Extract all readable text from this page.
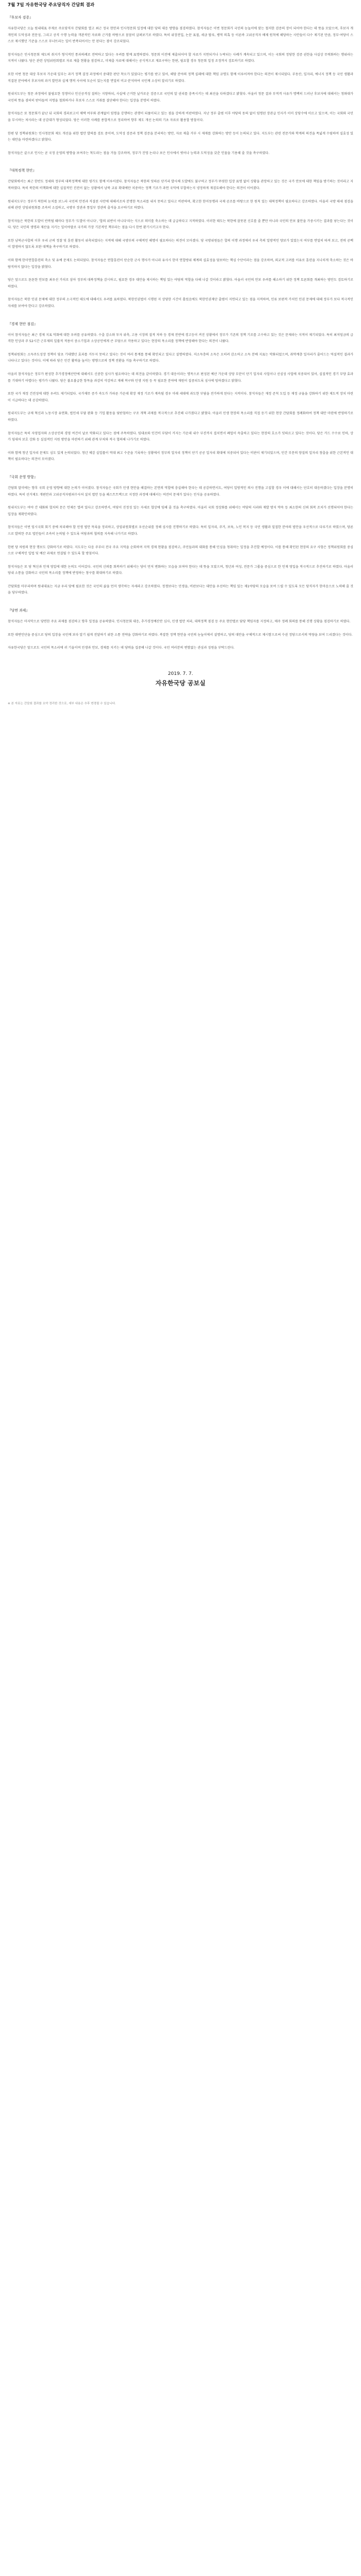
7월 7일 자유한국당 주요당직자 간담회 결과
『후보자 검증』

자유한국당은 오늘 원내대표 주재로 주요당직자 간담회를 열고 최근 정국 현안과 인사청문회 일정에 대한 당의 대응 방향을 점검하였다. 참석자들은 이번 청문회가 국민의 눈높이에 맞는 철저한 검증의 장이 되어야 한다는 데 뜻을 모았으며, 후보자 개개인의 도덕성과 전문성, 그리고 공직 수행 능력을 객관적인 자료와 근거를 바탕으로 꼼꼼히 살펴보기로 하였다. 특히 위장전입, 논문 표절, 세금 탈루, 병역 의혹 등 이른바 고위공직자 배제 원칙에 해당하는 사안들이 다수 제기된 만큼, 정부·여당이 스스로 제시했던 기준을 스스로 무너뜨리는 일이 반복되어서는 안 된다는 점이 강조되었다.

참석자들은 인사청문회 제도의 취지가 형식적인 통과의례로 전락하고 있다는 우려를 함께 표명하였다. 청문회 이전에 제출되어야 할 자료가 지연되거나 누락되는 사례가 계속되고 있으며, 이는 국회의 정당한 검증 권한을 사실상 무력화하는 행위라는 지적이 나왔다. 당은 관련 상임위원회별로 자료 제출 현황을 점검하고, 미제출 자료에 대해서는 공식적으로 재요구하는 한편, 필요할 경우 청문회 일정 조정까지 검토하기로 하였다.

또한 이번 청문 대상 후보자 가운데 일부는 과거 정책 결정 과정에서 중대한 판단 착오가 있었다는 평가를 받고 있어, 해당 분야의 정책 실패에 대한 책임 규명도 함께 이루어져야 한다는 의견이 제시되었다. 부동산, 일자리, 에너지 정책 등 국민 생활과 직결된 분야에서 후보자의 과거 발언과 실제 행적 사이에 모순이 있는지를 면밀히 비교·분석하여 국민께 소상히 알리기로 하였다.

원내지도부는 청문 과정에서 불필요한 정쟁이나 인신공격성 질의는 지양하되, 사실에 근거한 날카로운 검증으로 국민의 알 권리를 충족시키는 데 최선을 다하겠다고 밝혔다. 아울러 청문 결과 부적격 사유가 명백히 드러난 후보자에 대해서는 청와대가 국민의 뜻을 겸허히 받아들여 지명을 철회하거나 후보자 스스로 거취를 결단해야 한다는 입장을 분명히 하였다.

참석자들은 또 청문회가 끝난 뒤 국회의 경과보고서 채택 여부와 관계없이 임명을 강행하는 관행이 되풀이되고 있는 점을 강하게 비판하였다. 지난 정부 출범 이후 야당의 동의 없이 임명된 장관급 인사가 이미 상당수에 이르고 있으며, 이는 국회와 국민을 무시하는 처사라는 데 공감대가 형성되었다. 당은 이러한 사례를 종합적으로 정리하여 향후 제도 개선 논의의 기초 자료로 활용할 방침이다.

한편 당 정책위원회는 인사청문회 제도 개선을 위한 법안 발의를 검토 중이며, 도덕성 검증과 정책 검증을 분리하는 방안, 자료 제출 거부 시 제재를 강화하는 방안 등이 논의되고 있다. 지도부는 관련 전문가와 학계의 의견을 폭넓게 수렴하여 실효성 있는 대안을 마련하겠다고 밝혔다.

참석자들은 끝으로 인사는 곧 국정 운영의 방향을 보여주는 척도라는 점을 거듭 강조하며, 정부가 진영 논리나 보은 인사에서 벗어나 능력과 도덕성을 갖춘 인물을 기용해 줄 것을 촉구하였다.

『대북정책 현안』

간담회에서는 최근 한반도 정세와 정부의 대북정책에 대한 평가도 함께 이루어졌다. 참석자들은 북한의 잇따른 단거리 발사체 도발에도 불구하고 정부가 뚜렷한 입장 표명 없이 상황을 관망하고 있는 것은 국가 안보에 대한 책임을 방기하는 것이라고 지적하였다. 특히 북한의 비핵화에 대한 실질적인 진전이 없는 상황에서 남북 교류 확대에만 치중하는 정책 기조가 과연 국익에 부합하는지 냉정하게 재검토해야 한다는 의견이 이어졌다.

원내지도부는 정부가 북한의 눈치를 보느라 국민의 안전과 직결된 사안에 대해서조차 분명한 목소리를 내지 못하고 있다고 비판하며, 확고한 한미동맹과 국제 공조를 바탕으로 한 원칙 있는 대북정책이 필요하다고 강조하였다. 아울러 국방 태세 점검을 위해 관련 상임위원회를 조속히 소집하고, 국방부 장관과 통일부 장관의 출석을 요구하기로 하였다.

참석자들은 북한의 도발이 반복될 때마다 정부가 '도발이 아니다', '합의 위반이 아니다'라는 식으로 의미를 축소하는 데 급급하다고 지적하였다. 이러한 태도는 북한에 잘못된 신호를 줄 뿐만 아니라 국민의 안보 불안을 가중시키는 결과를 낳는다는 것이다. 당은 국민의 생명과 재산을 지키는 일이야말로 국가의 가장 기본적인 책무라는 점을 다시 한번 환기시키고자 한다.

또한 남북군사합의 이후 우리 군의 정찰 및 훈련 활동이 위축되었다는 지적에 대해 국방부의 구체적인 해명이 필요하다는 의견이 모아졌다. 당 국방위원들은 합의 이행 과정에서 우리 측의 일방적인 양보가 있었는지 여부를 면밀히 따져 보고, 전력 공백이 발생하지 않도록 보완 대책을 촉구하기로 하였다.

이와 함께 한미연합훈련의 축소 및 유예 문제도 논의되었다. 참석자들은 연합훈련이 단순한 군사 행사가 아니라 유사시 한미 연합방위 체계의 실효성을 담보하는 핵심 수단이라는 점을 강조하며, 외교적 고려를 이유로 훈련을 지나치게 축소하는 것은 바람직하지 않다는 입장을 밝혔다.

당은 앞으로도 튼튼한 안보를 최우선 가치로 삼아 정부의 대북정책을 감시하고, 필요한 경우 대안을 제시하는 책임 있는 야당의 역할을 다해 나갈 것이라고 밝혔다. 아울러 국민의 안보 우려를 해소하기 위한 정책 토론회를 개최하는 방안도 검토하기로 하였다.

참석자들은 북한 인권 문제에 대한 정부의 소극적인 태도에 대해서도 우려를 표하였다. 북한인권법이 시행된 지 상당한 시간이 흘렀음에도 북한인권재단 출범이 지연되고 있는 점을 지적하며, 인류 보편적 가치인 인권 문제에 대해 정부가 보다 적극적인 자세를 보여야 한다고 강조하였다.

『경제 현안 점검』

이어 참석자들은 최근 경제 지표 악화에 대한 우려를 공유하였다. 수출 감소와 투자 위축, 고용 시장의 질적 저하 등 경제 전반에 경고등이 켜진 상황에서 정부가 기존의 정책 기조를 고수하고 있는 것은 문제라는 지적이 제기되었다. 특히 최저임금의 급격한 인상과 주 52시간 근무제의 일률적 적용이 중소기업과 소상공인에게 큰 부담으로 작용하고 있다는 현장의 목소리를 정책에 반영해야 한다는 의견이 나왔다.

정책위원회는 소득주도성장 정책이 당초 기대했던 효과를 거두지 못하고 있다는 것이 여러 통계를 통해 확인되고 있다고 설명하였다. 저소득층의 소득은 오히려 감소하고 소득 분배 지표는 악화되었으며, 취약계층 일자리가 줄어드는 역설적인 결과가 나타나고 있다는 것이다. 이에 따라 당은 민간 활력을 높이는 방향으로의 정책 전환을 거듭 촉구하기로 하였다.

아울러 참석자들은 정부가 편성한 추가경정예산안에 대해서도 신중한 심사가 필요하다는 데 의견을 같이하였다. 경기 대응이라는 명목으로 편성된 예산 가운데 상당 부분이 단기 일자리 사업이나 선심성 사업에 치중되어 있어, 실질적인 경기 부양 효과를 기대하기 어렵다는 평가가 나왔다. 당은 불요불급한 항목을 과감히 삭감하고 재해 복구와 민생 지원 등 꼭 필요한 분야에 재원이 집중되도록 심사에 임하겠다고 밝혔다.

또한 국가 재정 건전성에 대한 우려도 제기되었다. 국가채무 증가 속도가 가파른 가운데 확장 재정 기조가 계속될 경우 미래 세대에 과도한 부담을 전가하게 된다는 지적이다. 참석자들은 재정 준칙 도입 등 재정 규율을 강화하기 위한 제도적 장치 마련이 시급하다는 데 공감하였다.

원내지도부는 규제 혁신과 노동시장 유연화, 법인세 부담 완화 등 기업 활동을 뒷받침하는 구조 개혁 과제를 적극적으로 추진해 나가겠다고 밝혔다. 아울러 민생 현장의 목소리를 직접 듣기 위한 현장 간담회를 정례화하여 정책 대안 마련에 반영하기로 하였다.

참석자들은 특히 자영업자와 소상공인의 경영 여건이 날로 악화되고 있다는 점에 주목하였다. 임대료와 인건비 부담이 커지는 가운데 내수 부진까지 겹치면서 폐업이 속출하고 있다는 현장의 호소가 잇따르고 있다는 것이다. 당은 카드 수수료 인하, 상가 임대차 보호 강화 등 실질적인 지원 방안을 마련하기 위해 관계 부처와 적극 협의해 나가기로 하였다.

이와 함께 청년 일자리 문제도 심도 있게 논의되었다. 청년 체감 실업률이 역대 최고 수준을 기록하는 상황에서 정부의 일자리 정책이 단기 공공 일자리 확대에 치중되어 있다는 비판이 제기되었으며, 민간 부문의 양질의 일자리 창출을 위한 근본적인 대책이 필요하다는 의견이 모아졌다.

『국회 운영 방향』

간담회 말미에는 향후 국회 운영 방향에 대한 논의가 이어졌다. 참석자들은 국회가 민생 현안을 해결하는 본연의 역할에 충실해야 한다는 데 공감하면서도, 여당이 일방적인 의사 진행을 고집할 경우 이에 대해서는 단호히 대응하겠다는 입장을 분명히 하였다. 특히 선거제도 개편안과 고위공직자범죄수사처 설치 법안 등을 패스트트랙으로 지정한 과정에 대해서는 여전히 문제가 있다는 인식을 공유하였다.

원내지도부는 여야 간 대화와 협치의 문은 언제든 열려 있다고 강조하면서, 여당이 진정성 있는 자세로 협상에 임해 줄 것을 촉구하였다. 아울러 국회 정상화를 위해서는 여당의 사과와 재발 방지 약속 등 최소한의 신뢰 회복 조치가 선행되어야 한다는 입장을 재확인하였다.

참석자들은 이번 임시국회 회기 중에 처리해야 할 민생 법안 목록을 정리하고, 상임위원회별로 우선순위를 정해 심사를 진행하기로 하였다. 특히 일자리, 주거, 보육, 노인 복지 등 국민 생활과 밀접한 분야의 법안을 우선적으로 다루기로 하였으며, 당론으로 발의한 주요 법안들이 조속히 논의될 수 있도록 여당과의 협의를 지속해 나가기로 하였다.

한편 당 차원의 현장 행보도 강화하기로 하였다. 지도부는 다음 주부터 전국 주요 지역을 순회하며 지역 경제 현황을 점검하고, 주민들과의 대화를 통해 민심을 청취하는 일정을 추진할 예정이다. 이를 통해 확인된 현장의 요구 사항은 정책위원회를 중심으로 구체적인 입법 및 예산 과제로 연결될 수 있도록 할 방침이다.

참석자들은 또 당 혁신과 인재 영입에 대한 논의도 이어갔다. 국민의 신뢰를 회복하기 위해서는 당이 먼저 변화하는 모습을 보여야 한다는 데 뜻을 모았으며, 청년과 여성, 전문가 그룹을 중심으로 한 인재 영입을 적극적으로 추진하기로 하였다. 아울러 당내 소통을 강화하고 국민의 목소리를 정책에 반영하는 창구를 확대하기로 하였다.

간담회를 마무리하며 원내대표는 지금 우리 당에 필요한 것은 국민의 삶을 먼저 생각하는 자세라고 강조하였다. 정쟁보다는 민생을, 비판보다는 대안을 우선하는 책임 있는 제1야당의 모습을 보여 드릴 수 있도록 모든 당직자가 한마음으로 노력해 줄 것을 당부하였다.

『당면 과제』

참석자들은 마지막으로 당면한 주요 과제를 점검하고 향후 일정을 공유하였다. 인사청문회 대응, 추가경정예산안 심사, 민생 법안 처리, 대북정책 점검 등 주요 현안별로 담당 책임자를 지정하고, 매주 정례 회의를 통해 진행 상황을 점검하기로 하였다.

또한 대변인단을 중심으로 당의 입장을 국민께 보다 알기 쉽게 전달하기 위한 소통 전략을 강화하기로 하였다. 복잡한 정책 현안을 국민의 눈높이에서 설명하고, 당의 대안을 구체적으로 제시함으로써 수권 정당으로서의 역량을 보여 드리겠다는 것이다.

자유한국당은 앞으로도 국민의 목소리에 귀 기울이며 민생과 안보, 경제를 지키는 데 당력을 집중해 나갈 것이다. 국민 여러분의 변함없는 관심과 성원을 부탁드린다.

2019. 7. 7.
자유한국당 공보실
※ 본 자료는 간담회 결과를 요약 정리한 것으로, 세부 내용은 추후 변경될 수 있습니다.
